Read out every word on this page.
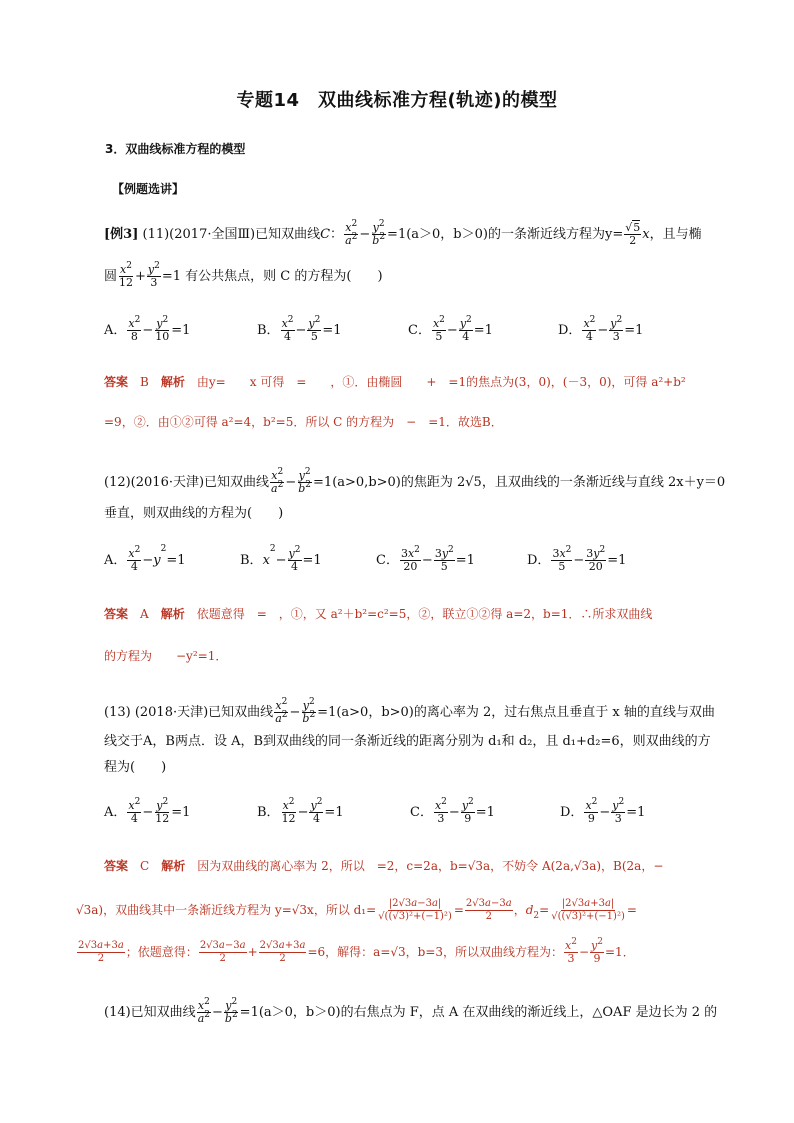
专题14　双曲线标准方程(轨迹)的模型
3．双曲线标准方程的模型
【例题选讲】
[例3] (11)(2017·全国Ⅲ)已知双曲线C： $\frac{x^2}{a^2} - \frac{y^2}{b^2} =1(a>0$，b＞0)的一条渐近线方程为$y= \frac{√5}{2}$ x，且与椭
圆 $\frac{x^2}{12} + \frac{y^2}{3} =1$ 有公共焦点，则 C 的方程为(　　)
A． $\frac{x^2}{8} - \frac{y^2}{10} =1$	B． $\frac{x^2}{4} - \frac{y^2}{5} =1$	C． $\frac{x^2}{5} - \frac{y^2}{4} =1$	D． $\frac{x^2}{4} - \frac{y^2}{3} =1$
答案　 B　 解析　 由y=　　x 可得　=　　，①．由椭圆　　+　=1的焦点为(3，0)，(－3，0)，可得 a²+b²
=9，②．由①②可得 a²=4，b²=5．所以 C 的方程为　−　=1．故选B．
(12)(2016·天津)已知双曲线 $\frac{x^2}{a^2} - \frac{y^2}{b^2} =1(a>0,b>0)$的焦距为 2√5，且双曲线的一条渐近线与直线 2x＋y＝0
垂直，则双曲线的方程为(　　)
A． $\frac{x^2}{4} -y^2=1$	B．$x^2- \frac{y^2}{4} =1$	C． $\frac{3x^2}{20} - \frac{3y^2}{5} =1$	D． $\frac{3x^2}{5} - \frac{3y^2}{20} =1$
答案　 A　 解析　 依题意得　=　，①，又 a²＋b²=c²=5，②，联立①②得 a=2，b=1．∴所求双曲线
的方程为　　−y²=1．
(13) (2018·天津)已知双曲线 $\frac{x^2}{a^2} - \frac{y^2}{b^2} =1(a>0$，b>0)的离心率为 2，过右焦点且垂直于 x 轴的直线与双曲
线交于A，B两点．设 A，B到双曲线的同一条渐近线的距离分别为 d₁和 d₂，且 d₁+d₂=6，则双曲线的方
程为(　　)
A． $\frac{x^2}{4} - \frac{y^2}{12} =1$	B． $\frac{x^2}{12} - \frac{y^2}{4} =1$	C． $\frac{x^2}{3} - \frac{y^2}{9} =1$	D． $\frac{x^2}{9} - \frac{y^2}{3} =1$
答案　 C　 解析　 因为双曲线的离心率为 2，所以　=2，c=2a，b=√3a，不妨令 A(2a,√3a)，B(2a，−
√3a)，双曲线其中一条渐近线方程为 y=√3x，所以 $d_1= \frac{|2√3a-3a|}{\text{√((√3)²+(−1)²)}} = \frac{2√3a-3a}{2}$ ，$d_2= \frac{|2√3a+3a|}{\text{√((√3)²+(−1)²)}}$ =
$\frac{2√3a+3a}{2}$ ；依题意得： $\frac{2√3a-3a}{2} + \frac{2√3a+3a}{2} =6$，解得：a=√3，b=3，所以双曲线方程为： $\frac{x^2}{3} - \frac{y^2}{9} =1$．
(14)已知双曲线 $\frac{x^2}{a^2} - \frac{y^2}{b^2} =1(a>0$，b＞0)的右焦点为 F，点 A 在双曲线的渐近线上，△OAF 是边长为 2 的
